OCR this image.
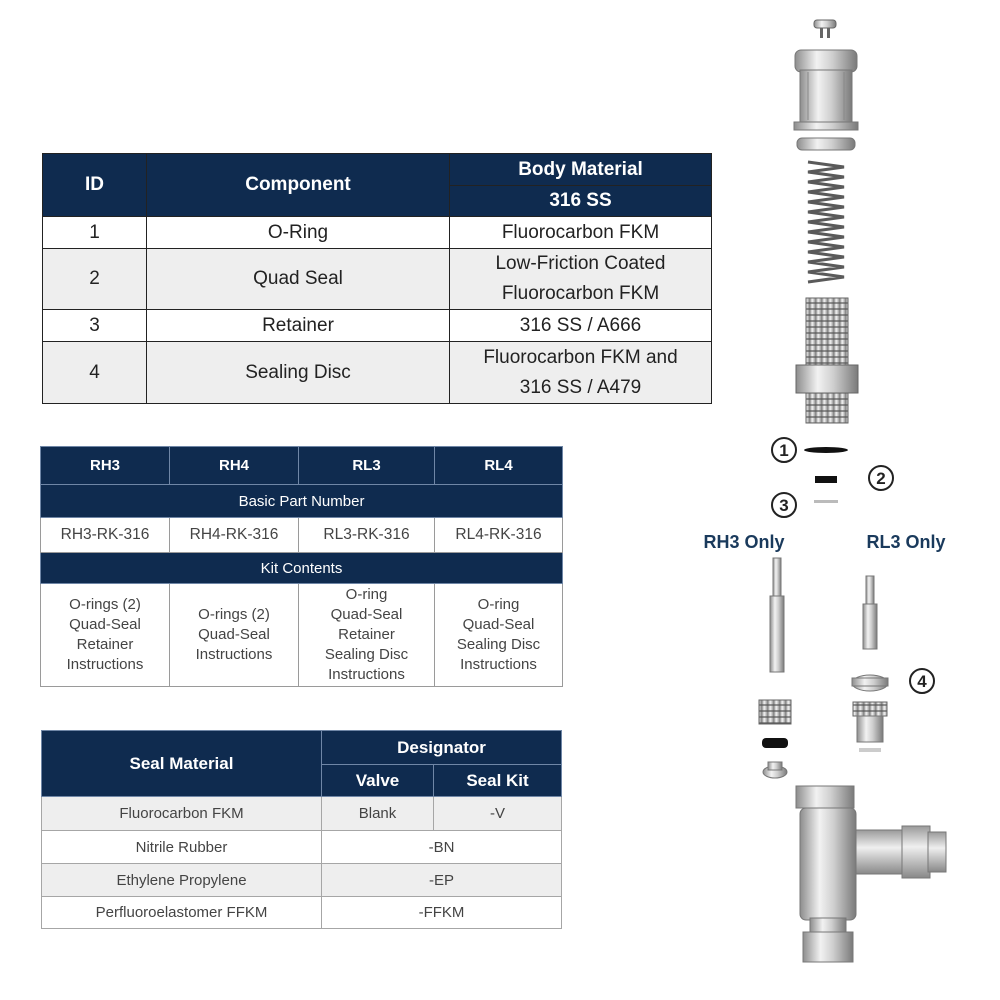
ID	Component	Body Material
		316 SS
1	O-Ring	Fluorocarbon FKM

2	Quad Seal	Low-Friction Coated
Fluorocarbon FKM

3	Retainer	316 SS / A666

4	Sealing Disc	Fluorocarbon FKM and
316 SS / A479
RH3	RH4	RL3	RL4
Basic Part Number			
RH3-RK-316	RH4-RK-316	RL3-RK-316	RL4-RK-316
Kit Contents			

O-rings (2)
Quad-Seal
Retainer
Instructions	O-rings (2)
Quad-Seal
Instructions	O-ring
Quad-Seal
Retainer
Sealing Disc
Instructions	O-ring
Quad-Seal
Sealing Disc
Instructions
Seal Material	Designator	
	Valve	Seal Kit
Fluorocarbon FKM	Blank	-V
Nitrile Rubber	-BN	
Ethylene Propylene	-EP	
Perfluoroelastomer FFKM	-FFKM	
1
2
3
4
RH3 Only	RL3 Only
